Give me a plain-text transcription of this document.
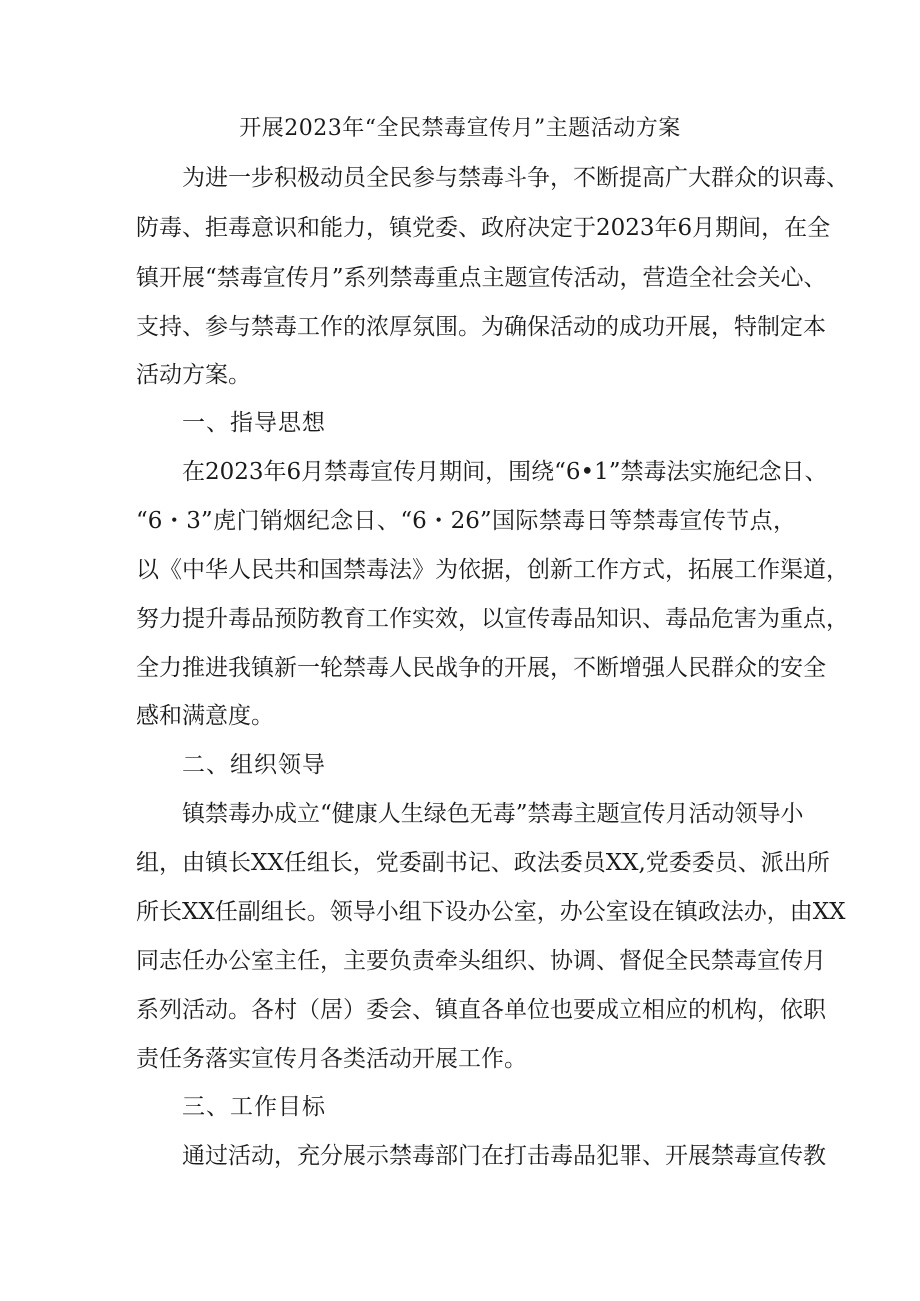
开展2023年“全民禁毒宣传月”主题活动方案
为进一步积极动员全民参与禁毒斗争，不断提高广大群众的识毒、
防毒、拒毒意识和能力，镇党委、政府决定于2023年6月期间，在全
镇开展“禁毒宣传月”系列禁毒重点主题宣传活动，营造全社会关心、
支持、参与禁毒工作的浓厚氛围。为确保活动的成功开展，特制定本
活动方案。
一、指导思想
在2023年6月禁毒宣传月期间，围绕“6•1”禁毒法实施纪念日、
“6・3”虎门销烟纪念日、“6・26”国际禁毒日等禁毒宣传节点，
以《中华人民共和国禁毒法》为依据，创新工作方式，拓展工作渠道，
努力提升毒品预防教育工作实效，以宣传毒品知识、毒品危害为重点，
全力推进我镇新一轮禁毒人民战争的开展，不断增强人民群众的安全
感和满意度。
二、组织领导
镇禁毒办成立“健康人生绿色无毒”禁毒主题宣传月活动领导小
组，由镇长XX任组长，党委副书记、政法委员XX,党委委员、派出所
所长XX任副组长。领导小组下设办公室，办公室设在镇政法办，由XX
同志任办公室主任，主要负责牵头组织、协调、督促全民禁毒宣传月
系列活动。各村（居）委会、镇直各单位也要成立相应的机构，依职
责任务落实宣传月各类活动开展工作。
三、工作目标
通过活动，充分展示禁毒部门在打击毒品犯罪、开展禁毒宣传教
